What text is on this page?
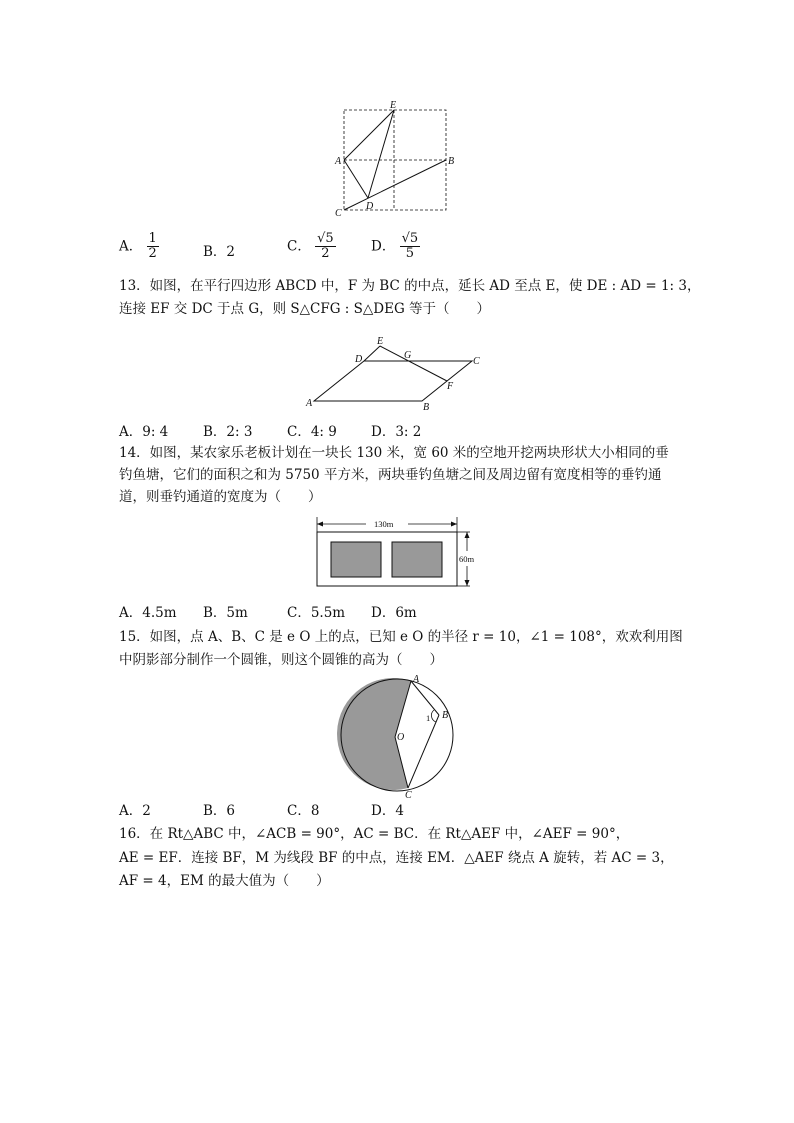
E
A	B
C
D
A． $\frac{1}{2}$	B．2	C． $\frac{√5}{2}$	D． $\frac{√5}{5}$
13．如图，在平行四边形 ABCD 中，F 为 BC 的中点，延长 AD 至点 E，使 DE : AD = 1: 3，
连接 EF 交 DC 于点 G，则 S△CFG : S△DEG 等于（　　）
D
E
G
C
F
A	B
A．9: 4	B．2: 3	C．4: 9	D．3: 2
14．如图，某农家乐老板计划在一块长 130 米，宽 60 米的空地开挖两块形状大小相同的垂
钓鱼塘，它们的面积之和为 5750 平方米，两块垂钓鱼塘之间及周边留有宽度相等的垂钓通
道，则垂钓通道的宽度为（　　）
130m
60m
A．4.5m B．5m	C．5.5m D．6m
15．如图，点 A、B、C 是 e O 上的点，已知 e O 的半径 r = 10，∠1 = 108°，欢欢利用图
中阴影部分制作一个圆锥，则这个圆锥的高为（　　）
A
B
C
O
1
A．2	B．6	C．8	D．4
16．在 Rt△ABC 中，∠ACB = 90°，AC = BC．在 Rt△AEF 中，∠AEF = 90°，
AE = EF．连接 BF，M 为线段 BF 的中点，连接 EM．△AEF 绕点 A 旋转，若 AC = 3，
AF = 4，EM 的最大值为（　　）
